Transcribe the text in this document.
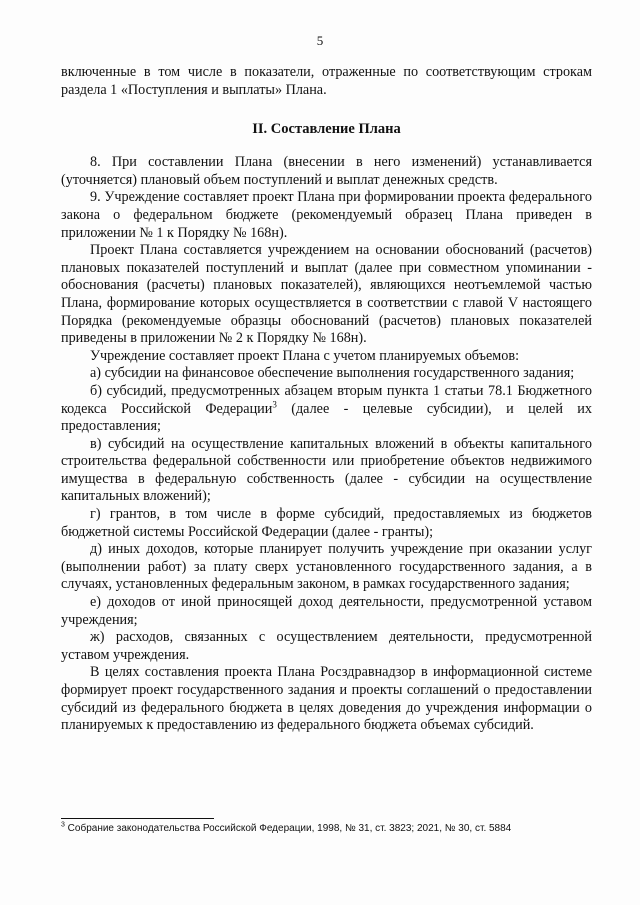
5

включенные в том числе в показатели, отраженные по соответствующим строкам раздела 1 «Поступления и выплаты» Плана.

II. Составление Плана

8. При составлении Плана (внесении в него изменений) устанавливается (уточняется) плановый объем поступлений и выплат денежных средств.

9. Учреждение составляет проект Плана при формировании проекта федерального закона о федеральном бюджете (рекомендуемый образец Плана приведен в приложении № 1 к Порядку № 168н).

Проект Плана составляется учреждением на основании обоснований (расчетов) плановых показателей поступлений и выплат (далее при совместном упоминании - обоснования (расчеты) плановых показателей), являющихся неотъемлемой частью Плана, формирование которых осуществляется в соответствии с главой V настоящего Порядка (рекомендуемые образцы обоснований (расчетов) плановых показателей приведены в приложении № 2 к Порядку № 168н).

Учреждение составляет проект Плана с учетом планируемых объемов:

а) субсидии на финансовое обеспечение выполнения государственного задания;

б) субсидий, предусмотренных абзацем вторым пункта 1 статьи 78.1 Бюджетного кодекса Российской Федерации$^3$ (далее - целевые субсидии), и целей их предоставления;

в) субсидий на осуществление капитальных вложений в объекты капитального строительства федеральной собственности или приобретение объектов недвижимого имущества в федеральную собственность (далее - субсидии на осуществление капитальных вложений);

г) грантов, в том числе в форме субсидий, предоставляемых из бюджетов бюджетной системы Российской Федерации (далее - гранты);

д) иных доходов, которые планирует получить учреждение при оказании услуг (выполнении работ) за плату сверх установленного государственного задания, а в случаях, установленных федеральным законом, в рамках государственного задания;

е) доходов от иной приносящей доход деятельности, предусмотренной уставом учреждения;

ж) расходов, связанных с осуществлением деятельности, предусмотренной уставом учреждения.

В целях составления проекта Плана Росздравнадзор в информационной системе формирует проект государственного задания и проекты соглашений о предоставлении субсидий из федерального бюджета в целях доведения до учреждения информации о планируемых к предоставлению из федерального бюджета объемах субсидий.

$^3$ Собрание законодательства Российской Федерации, 1998, № 31, ст. 3823; 2021, № 30, ст. 5884
